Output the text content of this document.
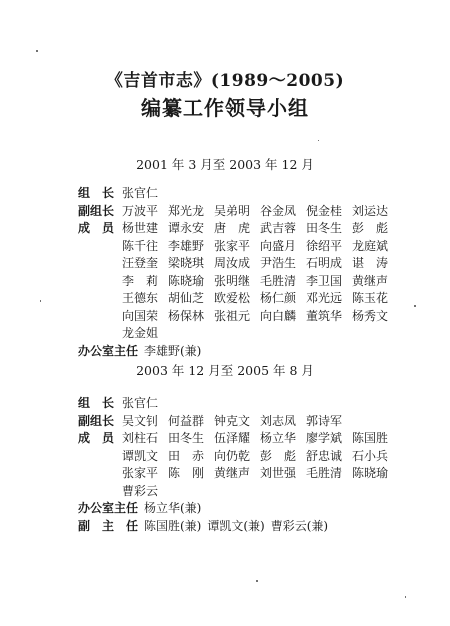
《吉首市志》(1989～2005)
编纂工作领导小组
2001 年 3 月至 2003 年 12 月
组　长 张官仁
副组长 万波平 郑光龙 吴弟明 谷金凤 倪金桂 刘运达
成　员 杨世建 谭永安 唐　虎 武吉蓉 田冬生 彭　彪
陈千往 李雄野 张家平 向盛月 徐绍平 龙庭斌
汪登奎 梁晓琪 周汝成 尹浩生 石明成 谌　涛
李　莉 陈晓瑜 张明继 毛胜清 李卫国 黄继声
王德东 胡仙芝 欧爱松 杨仁颜 邓光远 陈玉花
向国荣 杨保林 张祖元 向白麟 董筑华 杨秀文
龙金姐
办公室主任 李雄野(兼)
2003 年 12 月至 2005 年 8 月
组　长 张官仁
副组长 吴文钊 何益群 钟克文 刘志凤 郭诗军
成　员 刘柱石 田冬生 伍泽耀 杨立华 廖学斌 陈国胜
谭凯文 田　赤 向仍乾 彭　彪 舒忠诚 石小兵
张家平 陈　刚 黄继声 刘世强 毛胜清 陈晓瑜
曹彩云
办公室主任 杨立华(兼)
副　主　任 陈国胜(兼) 谭凯文(兼) 曹彩云(兼)
